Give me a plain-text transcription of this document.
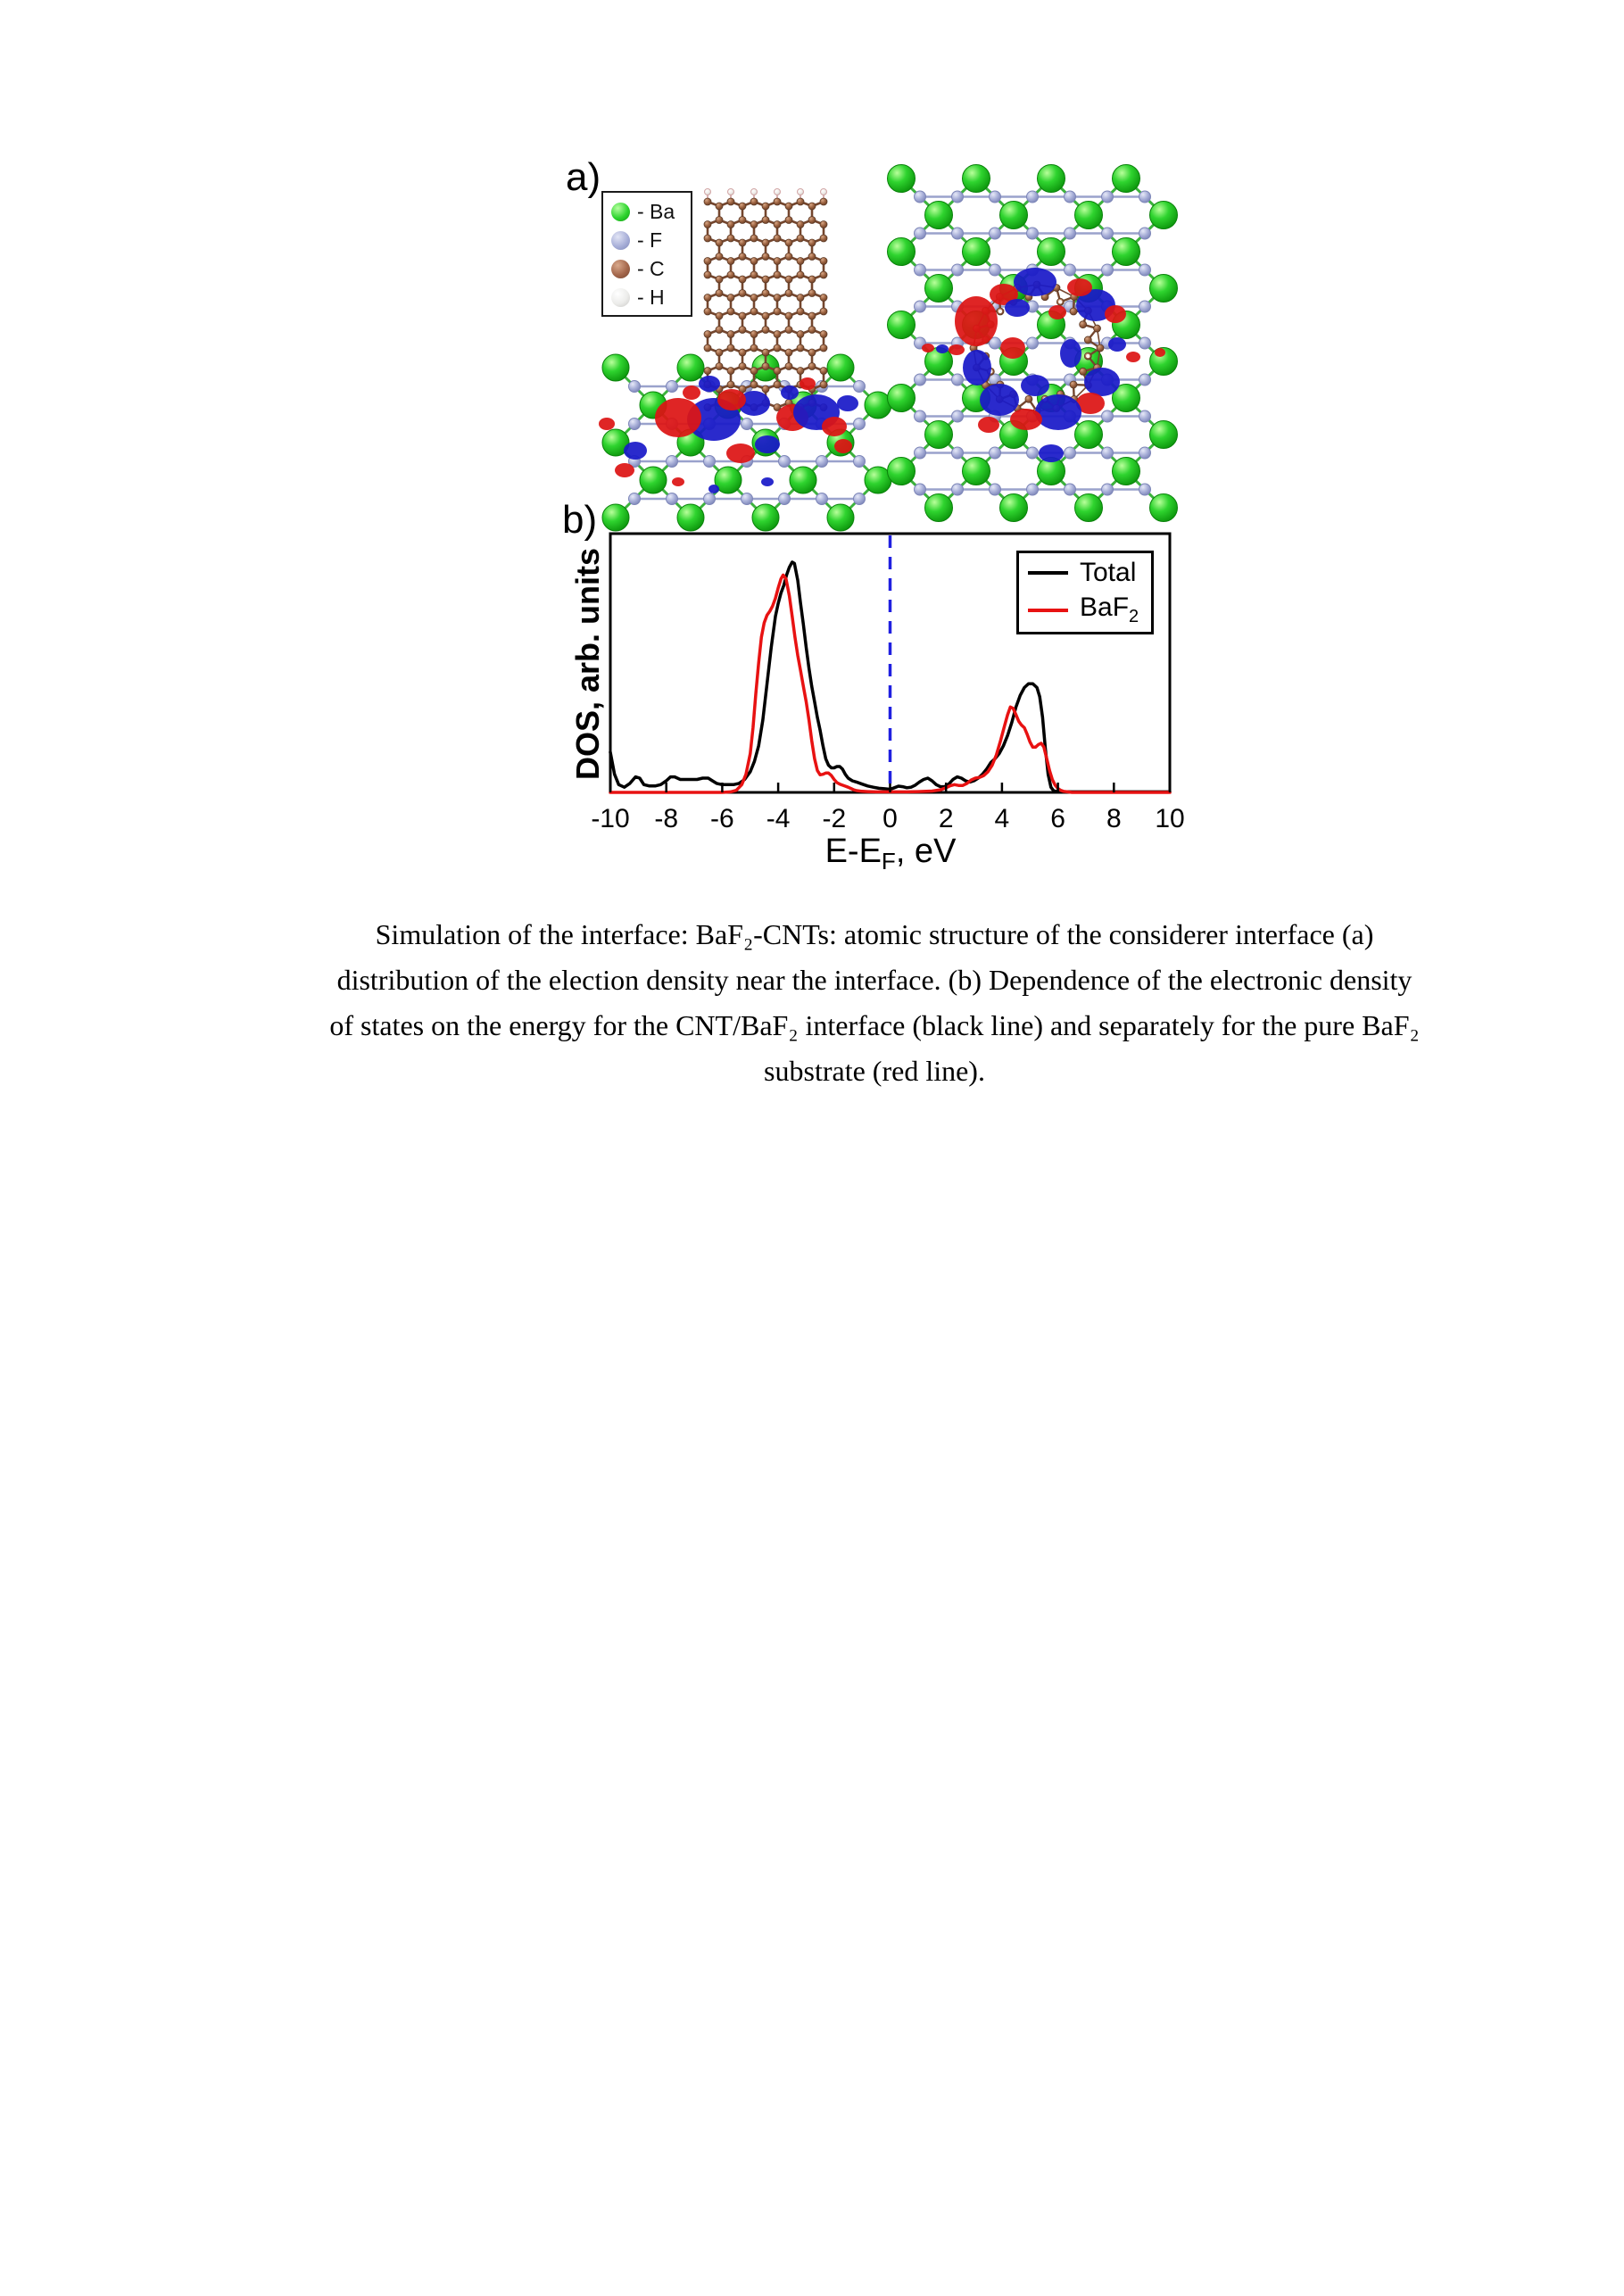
-10 -8 -6 -4 -2 0 2 4 6 8 10
a)
- Ba
- F
- C
- H
b)
DOS, arb. units
$E-E_F$, eV
Total
BaF$_2$
Simulation of the interface: BaF₂-CNTs: atomic structure of the considerer interface (a)
distribution of the election density near the interface. (b) Dependence of the electronic density
of states on the energy for the CNT/BaF₂ interface (black line) and separately for the pure BaF₂
substrate (red line).
